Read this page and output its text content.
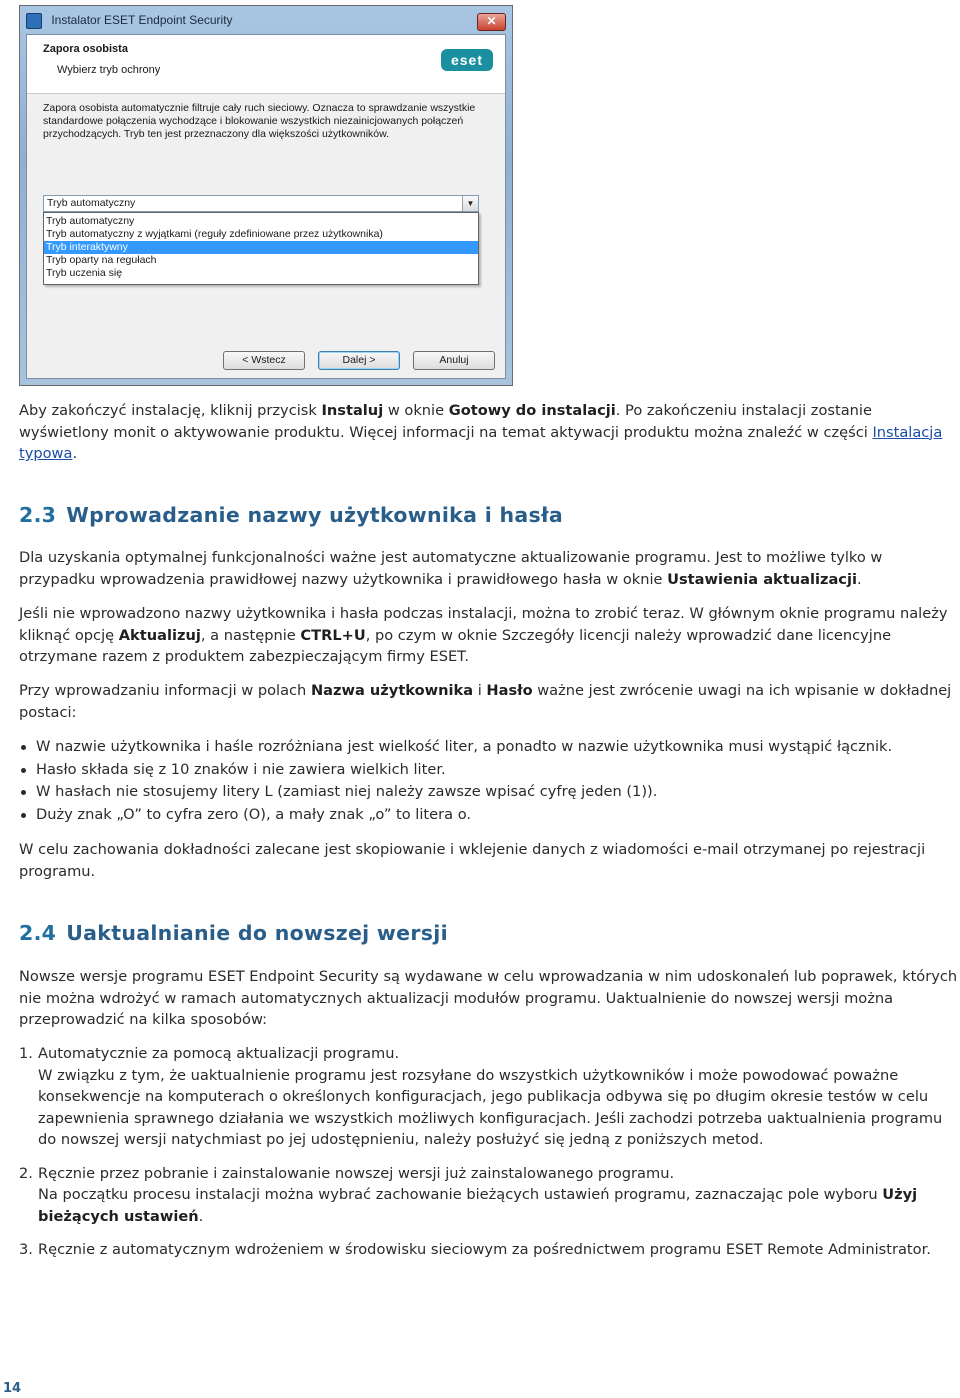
Instalator ESET Endpoint Security	✕
Zapora osobista
Wybierz tryb ochrony
eset
Zapora osobista automatycznie filtruje cały ruch sieciowy. Oznacza to sprawdzanie wszystkie standardowe połączenia wychodzące i blokowanie wszystkich niezainicjowanych połączeń przychodzących. Tryb ten jest przeznaczony dla większości użytkowników.
Tryb automatyczny	▼
Tryb automatyczny
Tryb automatyczny z wyjątkami (reguły zdefiniowane przez użytkownika)
Tryb interaktywny
Tryb oparty na regułach
Tryb uczenia się
< Wstecz	Dalej >	Anuluj
Aby zakończyć instalację, kliknij przycisk Instaluj w oknie Gotowy do instalacji. Po zakończeniu instalacji zostanie wyświetlony monit o aktywowanie produktu. Więcej informacji na temat aktywacji produktu można znaleźć w części Instalacja typowa.
2.3 Wprowadzanie nazwy użytkownika i hasła
Dla uzyskania optymalnej funkcjonalności ważne jest automatyczne aktualizowanie programu. Jest to możliwe tylko w przypadku wprowadzenia prawidłowej nazwy użytkownika i prawidłowego hasła w oknie Ustawienia aktualizacji.
Jeśli nie wprowadzono nazwy użytkownika i hasła podczas instalacji, można to zrobić teraz. W głównym oknie programu należy kliknąć opcję Aktualizuj, a następnie CTRL+U, po czym w oknie Szczegóły licencji należy wprowadzić dane licencyjne otrzymane razem z produktem zabezpieczającym firmy ESET.
Przy wprowadzaniu informacji w polach Nazwa użytkownika i Hasło ważne jest zwrócenie uwagi na ich wpisanie w dokładnej postaci:
W nazwie użytkownika i haśle rozróżniana jest wielkość liter, a ponadto w nazwie użytkownika musi wystąpić łącznik.
Hasło składa się z 10 znaków i nie zawiera wielkich liter.
W hasłach nie stosujemy litery L (zamiast niej należy zawsze wpisać cyfrę jeden (1)).
Duży znak „O” to cyfra zero (O), a mały znak „o” to litera o.
W celu zachowania dokładności zalecane jest skopiowanie i wklejenie danych z wiadomości e-mail otrzymanej po rejestracji programu.
2.4 Uaktualnianie do nowszej wersji
Nowsze wersje programu ESET Endpoint Security są wydawane w celu wprowadzania w nim udoskonaleń lub poprawek, których nie można wdrożyć w ramach automatycznych aktualizacji modułów programu. Uaktualnienie do nowszej wersji można przeprowadzić na kilka sposobów:
1. Automatycznie za pomocą aktualizacji programu.
W związku z tym, że uaktualnienie programu jest rozsyłane do wszystkich użytkowników i może powodować poważne konsekwencje na komputerach o określonych konfiguracjach, jego publikacja odbywa się po długim okresie testów w celu zapewnienia sprawnego działania we wszystkich możliwych konfiguracjach. Jeśli zachodzi potrzeba uaktualnienia programu do nowszej wersji natychmiast po jej udostępnieniu, należy posłużyć się jedną z poniższych metod.
2. Ręcznie przez pobranie i zainstalowanie nowszej wersji już zainstalowanego programu.
Na początku procesu instalacji można wybrać zachowanie bieżących ustawień programu, zaznaczając pole wyboru Użyj bieżących ustawień.
3. Ręcznie z automatycznym wdrożeniem w środowisku sieciowym za pośrednictwem programu ESET Remote Administrator.
14
